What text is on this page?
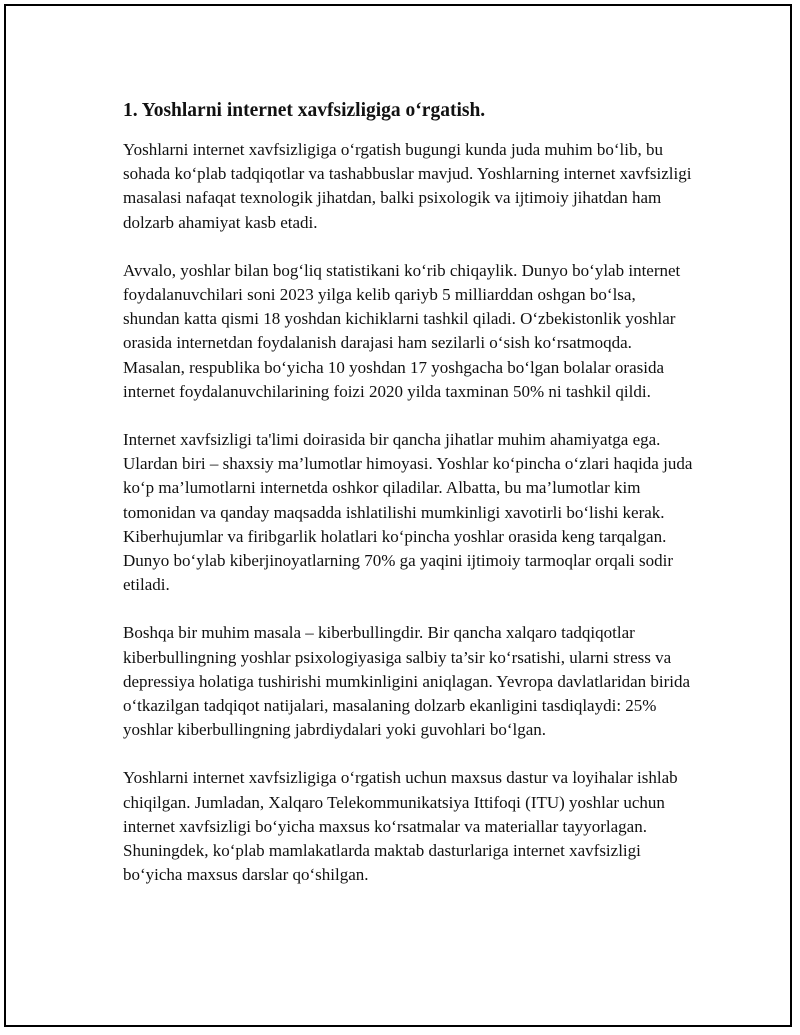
1. Yoshlarni internet xavfsizligiga o‘rgatish.

Yoshlarni internet xavfsizligiga o‘rgatish bugungi kunda juda muhim bo‘lib, bu sohada ko‘plab tadqiqotlar va tashabbuslar mavjud. Yoshlarning internet xavfsizligi masalasi nafaqat texnologik jihatdan, balki psixologik va ijtimoiy jihatdan ham dolzarb ahamiyat kasb etadi.

Avvalo, yoshlar bilan bog‘liq statistikani ko‘rib chiqaylik. Dunyo bo‘ylab internet foydalanuvchilari soni 2023 yilga kelib qariyb 5 milliarddan oshgan bo‘lsa, shundan katta qismi 18 yoshdan kichiklarni tashkil qiladi. O‘zbekistonlik yoshlar orasida internetdan foydalanish darajasi ham sezilarli o‘sish ko‘rsatmoqda. Masalan, respublika bo‘yicha 10 yoshdan 17 yoshgacha bo‘lgan bolalar orasida internet foydalanuvchilarining foizi 2020 yilda taxminan 50% ni tashkil qildi.

Internet xavfsizligi ta'limi doirasida bir qancha jihatlar muhim ahamiyatga ega. Ulardan biri – shaxsiy ma’lumotlar himoyasi. Yoshlar ko‘pincha o‘zlari haqida juda ko‘p ma’lumotlarni internetda oshkor qiladilar. Albatta, bu ma’lumotlar kim tomonidan va qanday maqsadda ishlatilishi mumkinligi xavotirli bo‘lishi kerak. Kiberhujumlar va firibgarlik holatlari ko‘pincha yoshlar orasida keng tarqalgan. Dunyo bo‘ylab kiberjinoyatlarning 70% ga yaqini ijtimoiy tarmoqlar orqali sodir etiladi.

Boshqa bir muhim masala – kiberbullingdir. Bir qancha xalqaro tadqiqotlar kiberbullingning yoshlar psixologiyasiga salbiy ta’sir ko‘rsatishi, ularni stress va depressiya holatiga tushirishi mumkinligini aniqlagan. Yevropa davlatlaridan birida o‘tkazilgan tadqiqot natijalari, masalaning dolzarb ekanligini tasdiqlaydi: 25% yoshlar kiberbullingning jabrdiydalari yoki guvohlari bo‘lgan.

Yoshlarni internet xavfsizligiga o‘rgatish uchun maxsus dastur va loyihalar ishlab chiqilgan. Jumladan, Xalqaro Telekommunikatsiya Ittifoqi (ITU) yoshlar uchun internet xavfsizligi bo‘yicha maxsus ko‘rsatmalar va materiallar tayyorlagan. Shuningdek, ko‘plab mamlakatlarda maktab dasturlariga internet xavfsizligi bo‘yicha maxsus darslar qo‘shilgan.
